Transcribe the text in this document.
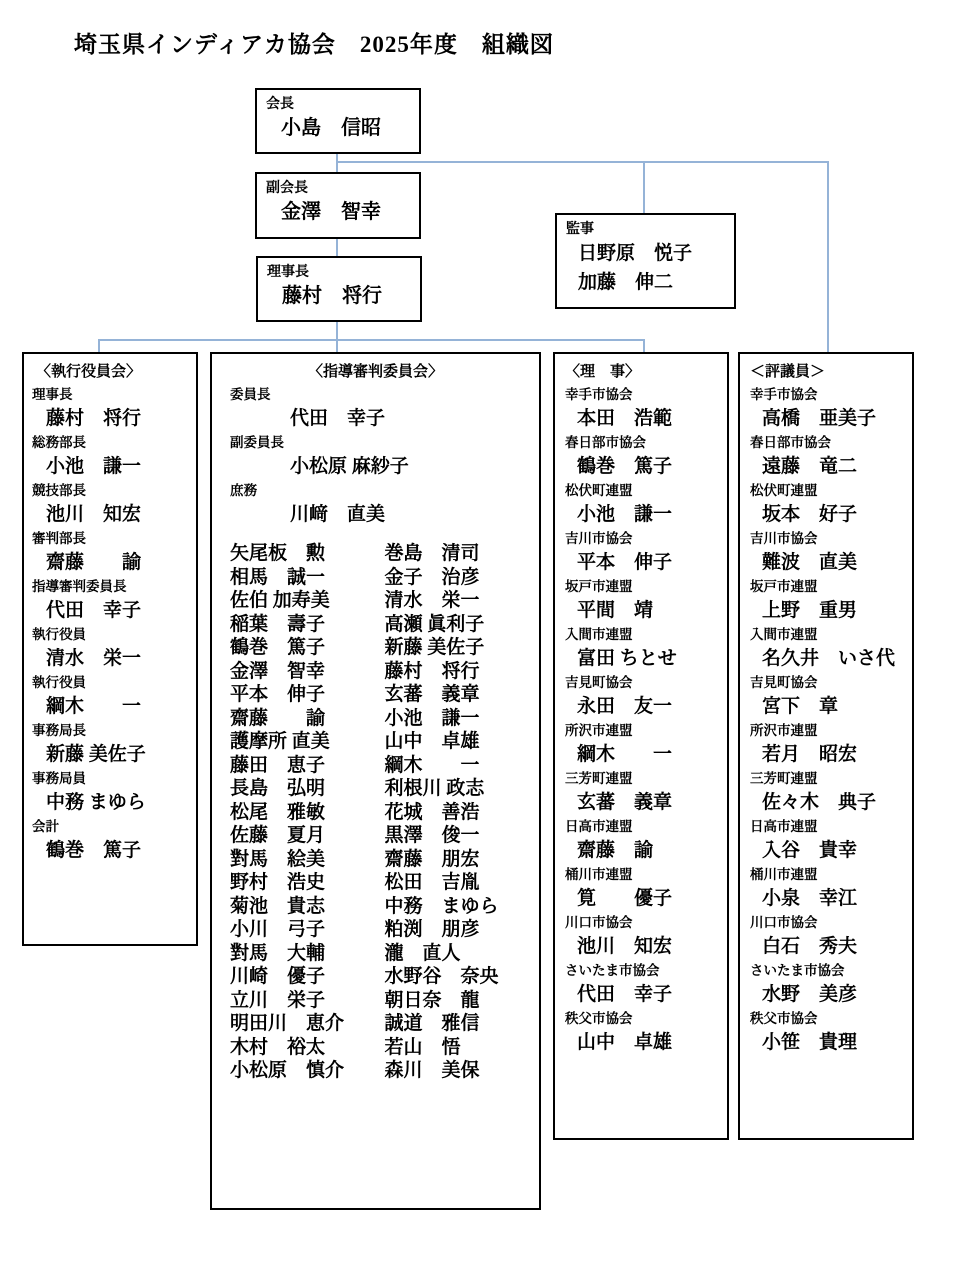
埼玉県インディアカ協会　2025年度　組織図
会長
小島　信昭
副会長
金澤　智幸
理事長
藤村　将行
監事
日野原　悦子
加藤　伸二
〈執行役員会〉
理事長
藤村　将行
総務部長
小池　謙一
競技部長
池川　知宏
審判部長
齋藤　　諭
指導審判委員長
代田　幸子
執行役員
清水　栄一
執行役員
綱木　　一
事務局長
新藤 美佐子
事務局員
中務 まゆら
会計
鶴巻　篤子
〈指導審判委員会〉
委員長
代田　幸子
副委員長
小松原 麻紗子
庶務
川﨑　直美
矢尾板　勲
相馬　誠一
佐伯 加寿美
稲葉　壽子
鶴巻　篤子
金澤　智幸
平本　伸子
齋藤　　諭
護摩所 直美
藤田　恵子
長島　弘明
松尾　雅敏
佐藤　夏月
對馬　絵美
野村　浩史
菊池　貴志
小川　弓子
對馬　大輔
川崎　優子
立川　栄子
明田川　恵介
木村　裕太
小松原　慎介
巻島　清司
金子　治彦
清水　栄一
高瀬 眞利子
新藤 美佐子
藤村　将行
玄蕃　義章
小池　謙一
山中　卓雄
綱木　　一
利根川 政志
花城　善浩
黒澤　俊一
齋藤　朋宏
松田　吉胤
中務　まゆら
粕渕　朋彦
瀧　直人
水野谷　奈央
朝日奈　龍
誠道　雅信
若山　悟
森川　美保
〈理　事〉
幸手市協会
本田　浩範
春日部市協会
鶴巻　篤子
松伏町連盟
小池　謙一
吉川市協会
平本　伸子
坂戸市連盟
平間　靖
入間市連盟
富田 ちとせ
吉見町協会
永田　友一
所沢市連盟
綱木　　一
三芳町連盟
玄蕃　義章
日高市連盟
齋藤　諭
桶川市連盟
筧　　優子
川口市協会
池川　知宏
さいたま市協会
代田　幸子
秩父市協会
山中　卓雄
＜評議員＞
幸手市協会
高橋　亜美子
春日部市協会
遠藤　竜二
松伏町連盟
坂本　好子
吉川市協会
難波　直美
坂戸市連盟
上野　重男
入間市連盟
名久井　いさ代
吉見町協会
宮下　章
所沢市連盟
若月　昭宏
三芳町連盟
佐々木　典子
日高市連盟
入谷　貴幸
桶川市連盟
小泉　幸江
川口市協会
白石　秀夫
さいたま市協会
水野　美彦
秩父市協会
小笹　貴理
